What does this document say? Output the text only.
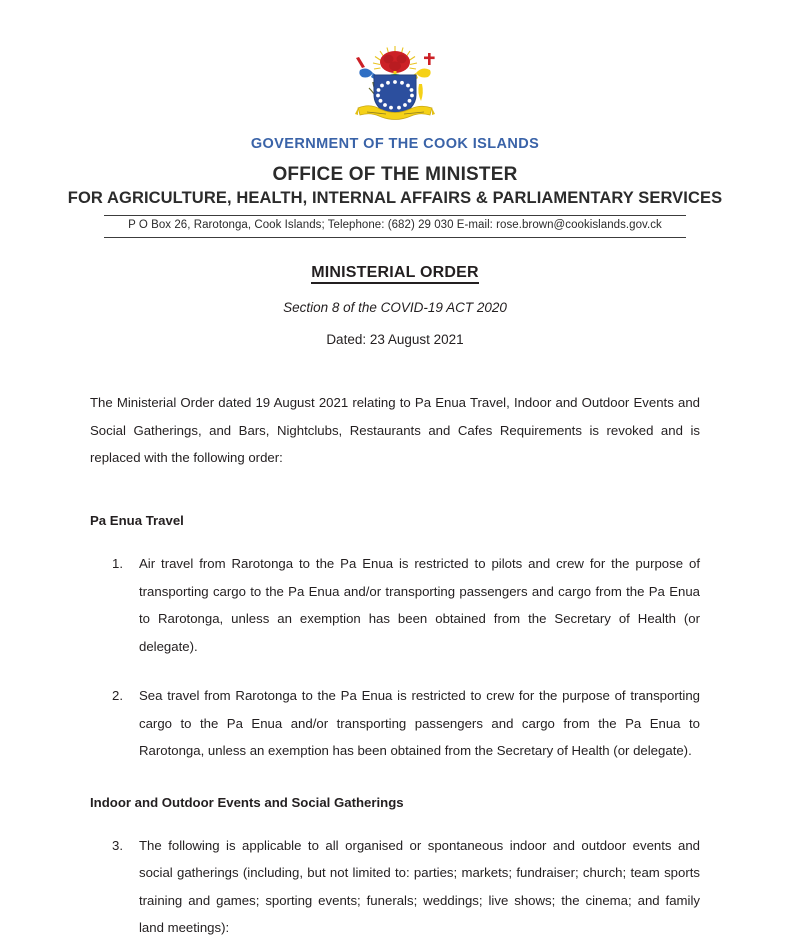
GOVERNMENT OF THE COOK ISLANDS
OFFICE OF THE MINISTER
FOR AGRICULTURE, HEALTH, INTERNAL AFFAIRS & PARLIAMENTARY SERVICES
P O Box 26, Rarotonga, Cook Islands; Telephone: (682) 29 030 E-mail: rose.brown@cookislands.gov.ck
MINISTERIAL ORDER
Section 8 of the COVID-19 ACT 2020
Dated: 23 August 2021

The Ministerial Order dated 19 August 2021 relating to Pa Enua Travel, Indoor and Outdoor Events and Social Gatherings, and Bars, Nightclubs, Restaurants and Cafes Requirements is revoked and is replaced with the following order:

Pa Enua Travel
1.	Air travel from Rarotonga to the Pa Enua is restricted to pilots and crew for the purpose of transporting cargo to the Pa Enua and/or transporting passengers and cargo from the Pa Enua to Rarotonga, unless an exemption has been obtained from the Secretary of Health (or delegate).
2.	Sea travel from Rarotonga to the Pa Enua is restricted to crew for the purpose of transporting cargo to the Pa Enua and/or transporting passengers and cargo from the Pa Enua to Rarotonga, unless an exemption has been obtained from the Secretary of Health (or delegate).
Indoor and Outdoor Events and Social Gatherings
3.	The following is applicable to all organised or spontaneous indoor and outdoor events and social gatherings (including, but not limited to: parties; markets; fundraiser; church; team sports training and games; sporting events; funerals; weddings; live shows; the cinema; and family land meetings):
